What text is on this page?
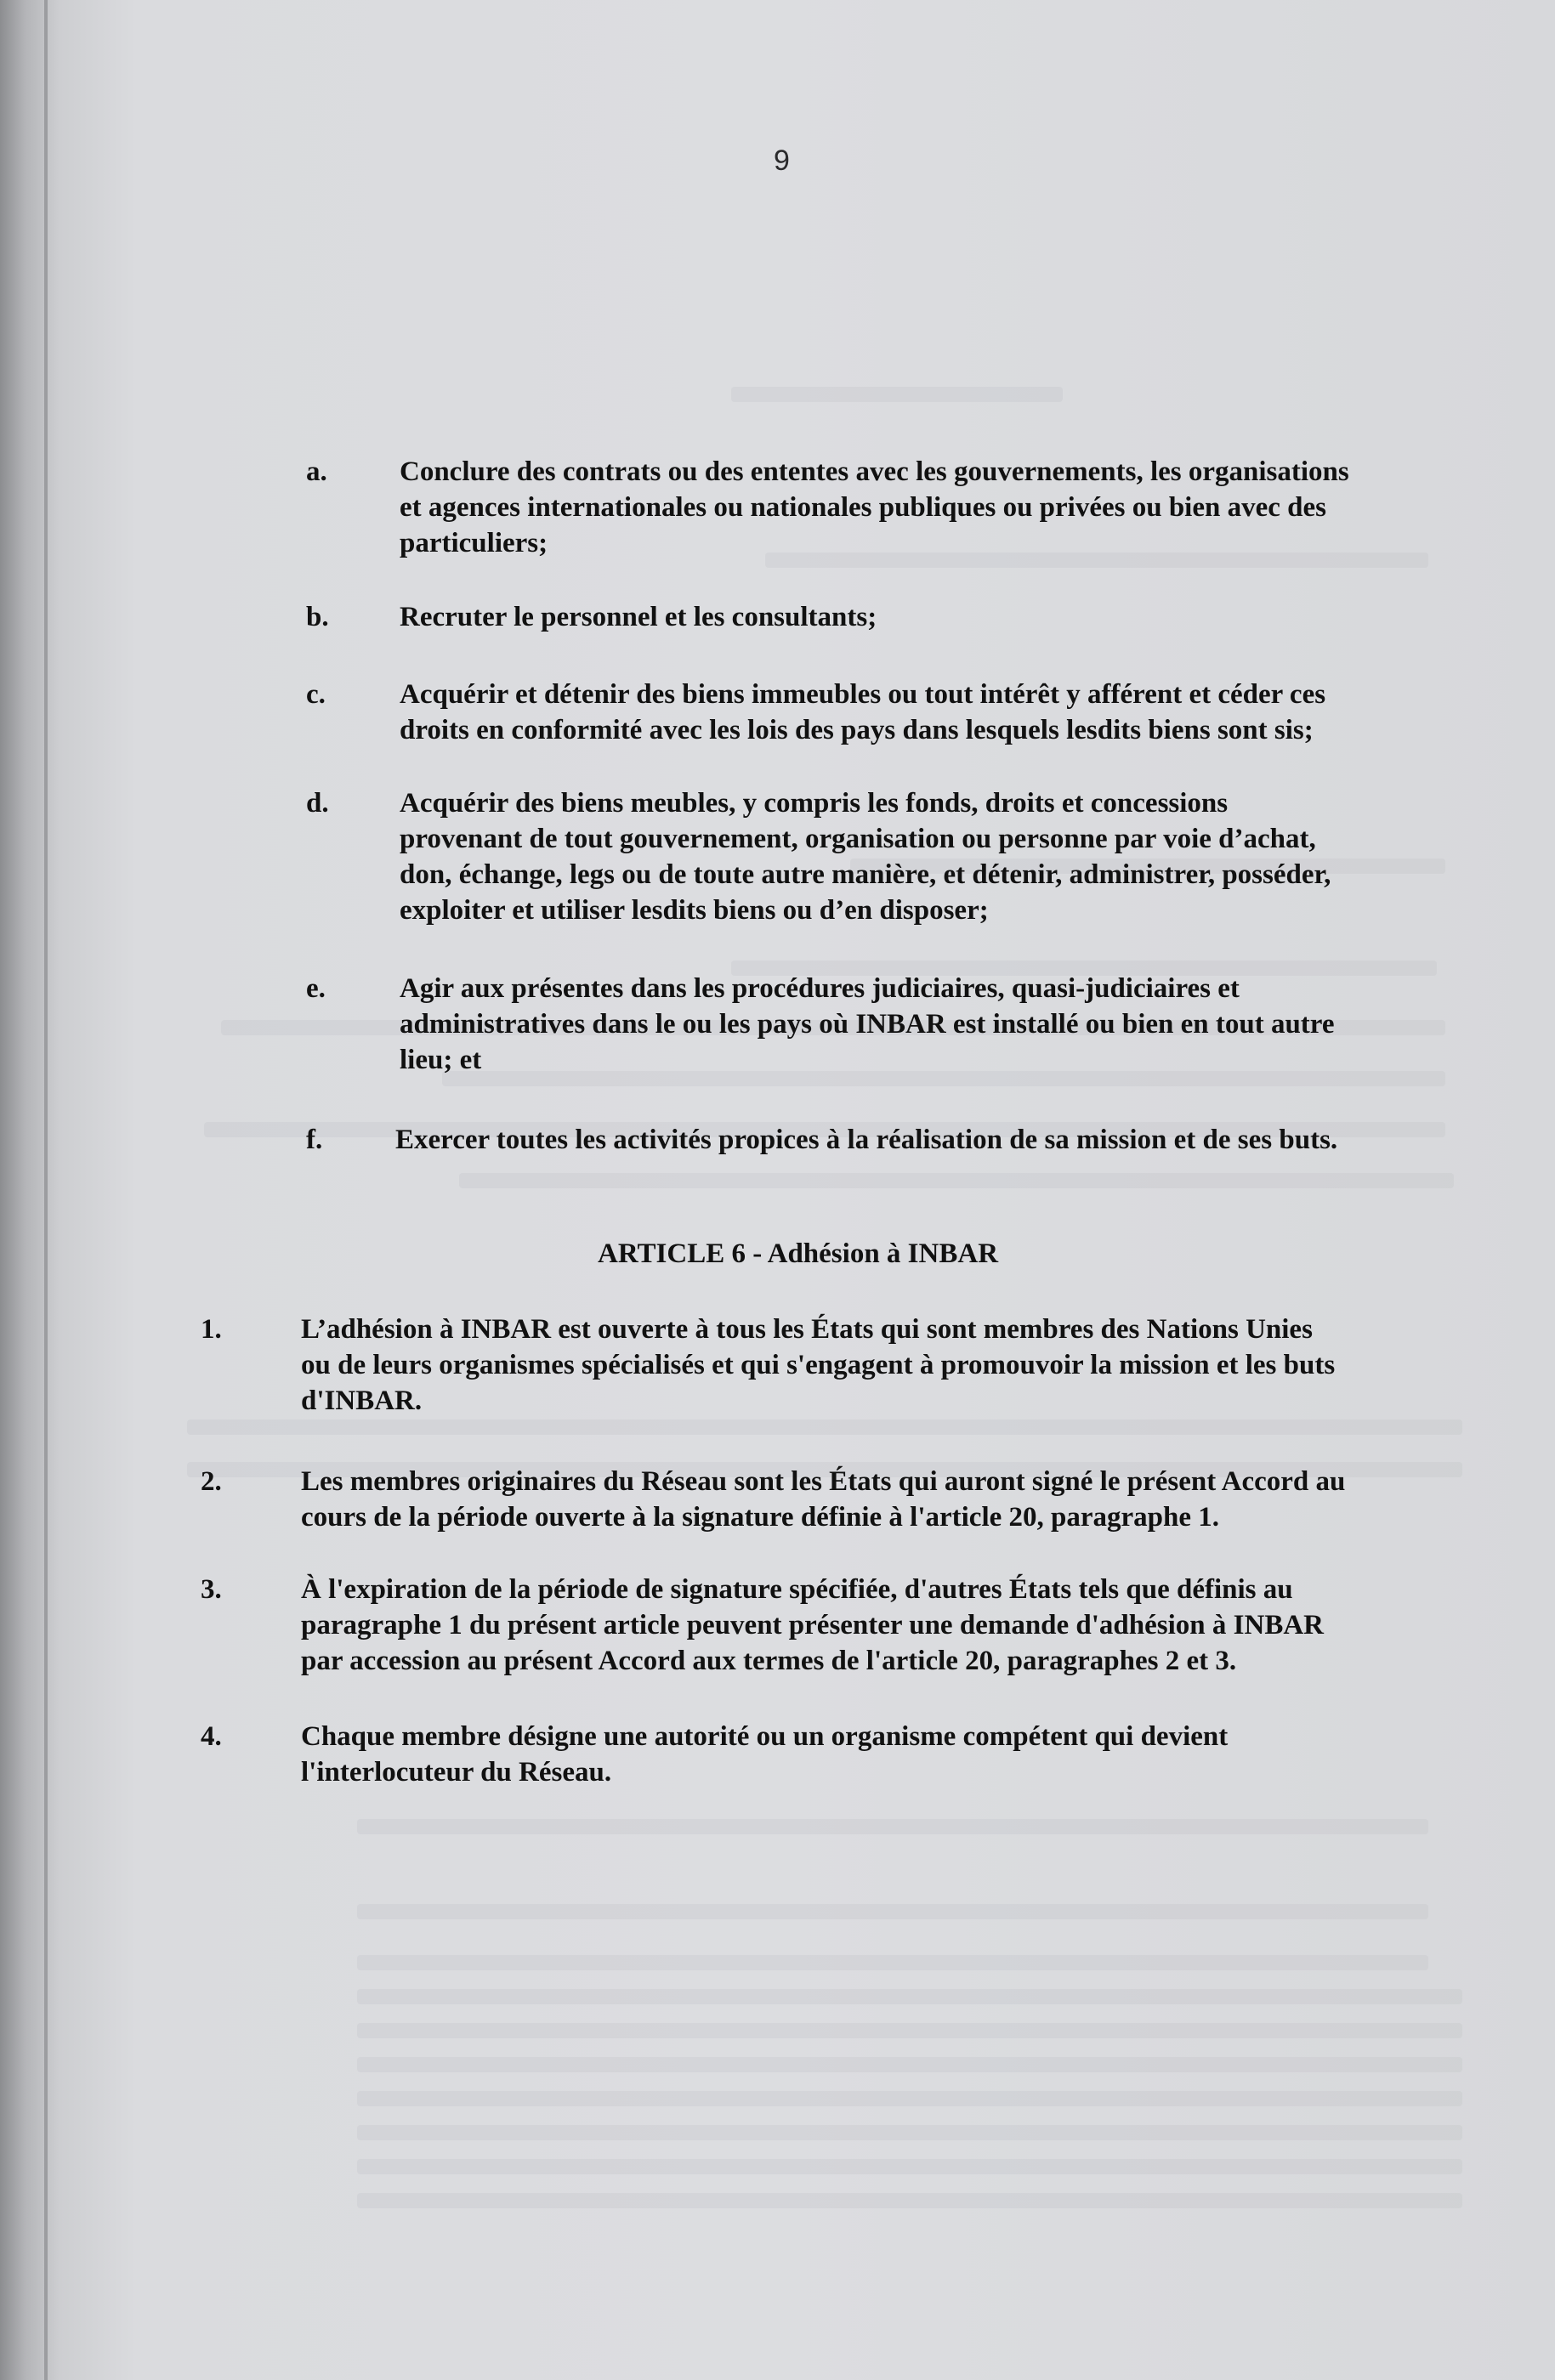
9
a.	Conclure des contrats ou des ententes avec les gouvernements, les organisations
et agences internationales ou nationales publiques ou privées ou bien avec des
particuliers;
b.	Recruter le personnel et les consultants;
c.	Acquérir et détenir des biens immeubles ou tout intérêt y afférent et céder ces
droits en conformité avec les lois des pays dans lesquels lesdits biens sont sis;
d.	Acquérir des biens meubles, y compris les fonds, droits et concessions
provenant de tout gouvernement, organisation ou personne par voie d’achat,
don, échange, legs ou de toute autre manière, et détenir, administrer, posséder,
exploiter et utiliser lesdits biens ou d’en disposer;
e.	Agir aux présentes dans les procédures judiciaires, quasi-judiciaires et
administratives dans le ou les pays où INBAR est installé ou bien en tout autre
lieu; et
f.	Exercer toutes les activités propices à la réalisation de sa mission et de ses buts.
ARTICLE 6 - Adhésion à INBAR
1.	L’adhésion à INBAR est ouverte à tous les États qui sont membres des Nations Unies
ou de leurs organismes spécialisés et qui s'engagent à promouvoir la mission et les buts
d'INBAR.
2.	Les membres originaires du Réseau sont les États qui auront signé le présent Accord au
cours de la période ouverte à la signature définie à l'article 20, paragraphe 1.
3.	À l'expiration de la période de signature spécifiée, d'autres États tels que définis au
paragraphe 1 du présent article peuvent présenter une demande d'adhésion à INBAR
par accession au présent Accord aux termes de l'article 20, paragraphes 2 et 3.
4.	Chaque membre désigne une autorité ou un organisme compétent qui devient
l'interlocuteur du Réseau.
